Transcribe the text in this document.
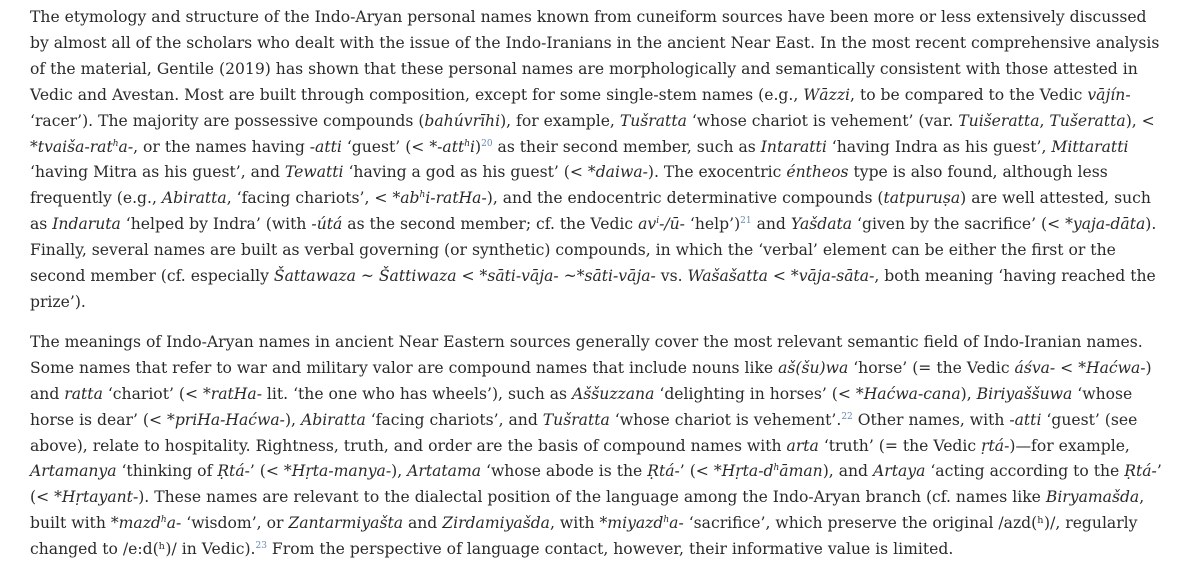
The etymology and structure of the Indo-Aryan personal names known from cuneiform sources have been more or less extensively discussed by almost all of the scholars who dealt with the issue of the Indo-Iranians in the ancient Near East. In the most recent comprehensive analysis of the material, Gentile (2019) has shown that these personal names are morphologically and semantically consistent with those attested in Vedic and Avestan. Most are built through composition, except for some single-stem names (e.g., Wāzzi, to be compared to the Vedic vājín- ‘racer’). The majority are possessive compounds (bahúvrīhi), for example, Tušratta ‘whose chariot is vehement’ (var. Tuišeratta, Tušeratta), < *tvaiša-rat$^h$a-, or the names having -atti ‘guest’ (< *-att$^h$i)$^{20}$ as their second member, such as Intaratti ‘having Indra as his guest’, Mittaratti ‘having Mitra as his guest’, and Tewatti ‘having a god as his guest’ (< *daiwa-). The exocentric éntheos type is also found, although less frequently (e.g., Abiratta, ‘facing chariots’, < $*ab^hi-ratHa-$), and the endocentric determinative compounds (tatpuruṣa) are well attested, such as Indaruta ‘helped by Indra’ (with -útá as the second member; cf. the Vedic $av^i-/ū-$ ‘help’)$^{21}$ and Yašdata ‘given by the sacrifice’ (< *yaja-dāta). Finally, several names are built as verbal governing (or synthetic) compounds, in which the ‘verbal’ element can be either the first or the second member (cf. especially Šattawaza ~ Šattiwaza < *sāti-vāja- ~*sāti-vāja- vs. Wašašatta < *vāja-sāta-, both meaning ‘having reached the prize’).

The meanings of Indo-Aryan names in ancient Near Eastern sources generally cover the most relevant semantic field of Indo-Iranian names. Some names that refer to war and military valor are compound names that include nouns like aš(šu)wa ‘horse’ (= the Vedic áśva- < *Haćwa-) and ratta ‘chariot’ (< *ratHa- lit. ‘the one who has wheels’), such as Aššuzzana ‘delighting in horses’ (< *Haćwa-cana), Biriyaššuwa ‘whose horse is dear’ (< *priHa-Haćwa-), Abiratta ‘facing chariots’, and Tušratta ‘whose chariot is vehement’.$^{22}$ Other names, with -atti ‘guest’ (see above), relate to hospitality. Rightness, truth, and order are the basis of compound names with arta ‘truth’ (= the Vedic ṛtá-)—for example, Artamanya ‘thinking of Ṛtá-’ (< *Hṛta-manya-), Artatama ‘whose abode is the Ṛtá-’ (< $*Hṛta-d^hāman$), and Artaya ‘acting according to the Ṛtá-’ (< *Hṛtayant-). These names are relevant to the dialectal position of the language among the Indo-Aryan branch (cf. names like Biryamašda, built with *mazd$^h$a- ‘wisdom’, or Zantarmiyašta and Zirdamiyašda, with *miyazd$^h$a- ‘sacrifice’, which preserve the original /azd(ʰ)/, regularly changed to /e:d(ʰ)/ in Vedic).$^{23}$ From the perspective of language contact, however, their informative value is limited.
